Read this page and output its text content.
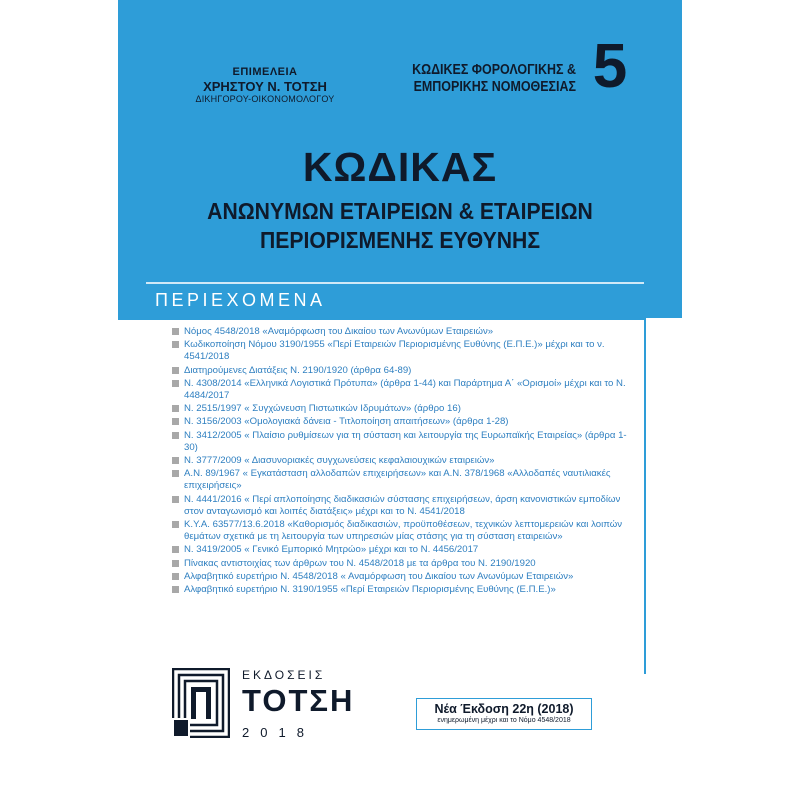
ΕΠΙΜΕΛΕΙΑ
ΧΡΗΣΤΟΥ Ν. ΤΟΤΣΗ
ΔΙΚΗΓΟΡΟΥ-ΟΙΚΟΝΟΜΟΛΟΓΟΥ
ΚΩΔΙΚΕΣ ΦΟΡΟΛΟΓΙΚΗΣ &
ΕΜΠΟΡΙΚΗΣ ΝΟΜΟΘΕΣΙΑΣ 5
ΚΩΔΙΚΑΣ
ΑΝΩΝΥΜΩΝ ΕΤΑΙΡΕΙΩΝ & ΕΤΑΙΡΕΙΩΝ
ΠΕΡΙΟΡΙΣΜΕΝΗΣ ΕΥΘΥΝΗΣ
ΠΕΡΙΕΧΟΜΕΝΑ
Νόμος 4548/2018 «Αναμόρφωση του Δικαίου των Ανωνύμων Εταιρειών»
Κωδικοποίηση Νόμου 3190/1955 «Περί Εταιρειών Περιορισμένης Ευθύνης (Ε.Π.Ε.)» μέχρι και το ν. 4541/2018
Διατηρούμενες Διατάξεις Ν. 2190/1920 (άρθρα 64-89)
Ν. 4308/2014 «Ελληνικά Λογιστικά Πρότυπα» (άρθρα 1-44) και Παράρτημα Α΄ «Ορισμοί» μέχρι και το Ν. 4484/2017
Ν. 2515/1997 « Συγχώνευση Πιστωτικών Ιδρυμάτων» (άρθρο 16)
Ν. 3156/2003 «Ομολογιακά δάνεια - Τιτλοποίηση απαιτήσεων» (άρθρα 1-28)
Ν. 3412/2005 « Πλαίσιο ρυθμίσεων για τη σύσταση και λειτουργία της Ευρωπαϊκής Εταιρείας» (άρθρα 1-30)
Ν. 3777/2009 « Διασυνοριακές συγχωνεύσεις κεφαλαιουχικών εταιρειών»
Α.Ν. 89/1967 « Εγκατάσταση αλλοδαπών επιχειρήσεων» και Α.Ν. 378/1968 «Αλλοδαπές ναυτιλιακές επιχειρήσεις»
Ν. 4441/2016 « Περί απλοποίησης διαδικασιών σύστασης επιχειρήσεων, άρση κανονιστικών εμποδίων στον ανταγωνισμό και λοιπές διατάξεις» μέχρι και το Ν. 4541/2018
Κ.Υ.Α. 63577/13.6.2018 «Καθορισμός διαδικασιών, προϋποθέσεων, τεχνικών λεπτομερειών και λοιπών θεμάτων σχετικά με τη λειτουργία των υπηρεσιών μίας στάσης για τη σύσταση εταιρειών»
Ν. 3419/2005 « Γενικό Εμπορικό Μητρώο» μέχρι και το Ν. 4456/2017
Πίνακας αντιστοιχίας των άρθρων του Ν. 4548/2018 με τα άρθρα του Ν. 2190/1920
Αλφαβητικό ευρετήριο Ν. 4548/2018 « Αναμόρφωση του Δικαίου των Ανωνύμων Εταιρειών»
Αλφαβητικό ευρετήριο Ν. 3190/1955 «Περί Εταιρειών Περιορισμένης Ευθύνης (Ε.Π.Ε.)»
ΕΚΔΟΣΕΙΣ
ΤΟΤΣΗ
2018
Νέα Έκδοση 22η (2018)
ενημερωμένη μέχρι και το Νόμο 4548/2018
